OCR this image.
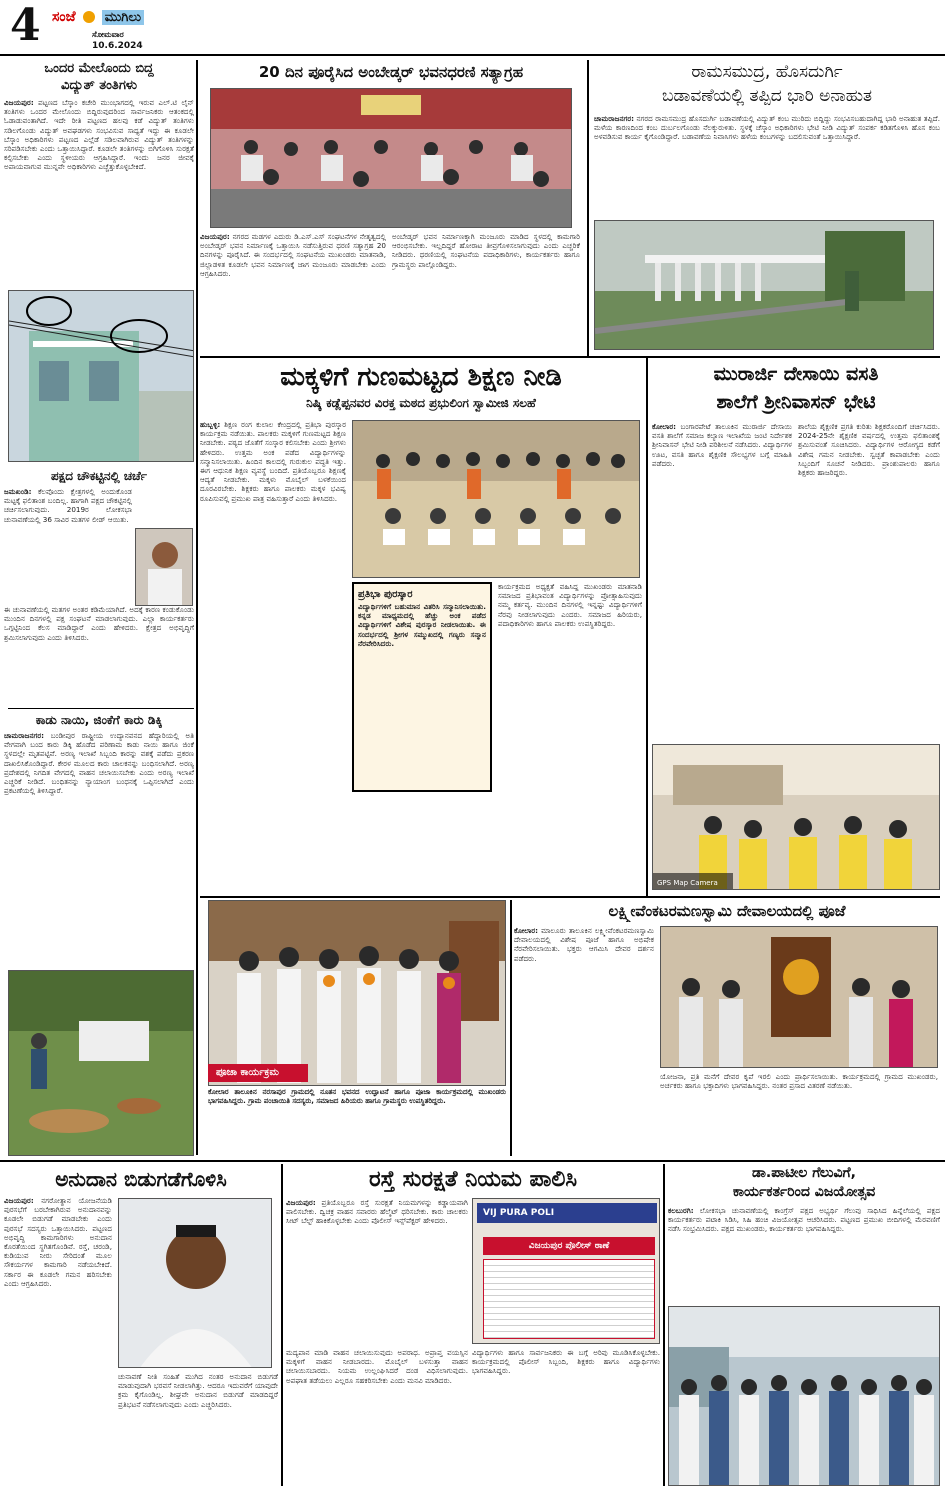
4 ಸಂಜೆ ಮುಗಿಲು
ಸೋಮವಾರ
10.6.2024
ಒಂದರ ಮೇಲೊಂದು ಬಿದ್ದ
ವಿದ್ಯುತ್ ತಂತಿಗಳು
ವಿಜಯಪುರ: ಪಟ್ಟಣದ ಬೆಸ್ಕಾಂ ಕಚೇರಿ ಮುಂಭಾಗದಲ್ಲಿ ಇರುವ ಎಲ್.ಟಿ ಲೈನ್ ತಂತಿಗಳು ಒಂದರ ಮೇಲೊಂದು ಬಿದ್ದಿರುವುದರಿಂದ ಸಾರ್ವಜನಿಕರು ಆತಂಕದಲ್ಲಿ ಓಡಾಡುವಂತಾಗಿದೆ. ಇದೇ ರೀತಿ ಪಟ್ಟಣದ ಹಲವು ಕಡೆ ವಿದ್ಯುತ್ ತಂತಿಗಳು ಸಡಿಲಗೊಂಡು ವಿದ್ಯುತ್ ಅವಘಡಗಳು ಸಂಭವಿಸುವ ಸಾಧ್ಯತೆ ಇದ್ದು ಈ ಕೂಡಲೇ ಬೆಸ್ಕಾಂ ಅಧಿಕಾರಿಗಳು ಪಟ್ಟಣದ ಎಲ್ಲೆಡೆ ಸಡಿಲವಾಗಿರುವ ವಿದ್ಯುತ್ ತಂತಿಗಳನ್ನು ಸರಿಪಡಿಸಬೇಕು ಎಂದು ಒತ್ತಾಯಿಸಿದ್ದಾರೆ. ಕೂಡಲೇ ತಂತಿಗಳನ್ನು ಬಿಗಿಗೊಳಿಸಿ ಸುರಕ್ಷತೆ ಕಲ್ಪಿಸಬೇಕು ಎಂದು ಸ್ಥಳೀಯರು ಆಗ್ರಹಿಸಿದ್ದಾರೆ. ಇಂದು ಜನರ ಜೀವಕ್ಕೆ ಅಪಾಯವಾಗುವ ಮುನ್ನವೇ ಅಧಿಕಾರಿಗಳು ಎಚ್ಚೆತ್ತುಕೊಳ್ಳಬೇಕಿದೆ.
ಪಕ್ಷದ ಚೌಕಟ್ಟಿನಲ್ಲಿ ಚರ್ಚೆ
ಜಮಖಂಡಿ: ಕೆಲವೊಂದು ಕ್ಷೇತ್ರಗಳಲ್ಲಿ ಅಂದುಕೊಂಡ ಮಟ್ಟಕ್ಕೆ ಫಲಿತಾಂಶ ಬಂದಿಲ್ಲ. ಹಾಗಾಗಿ ಪಕ್ಷದ ಚೌಕಟ್ಟಿನಲ್ಲಿ ಚರ್ಚಿಸಲಾಗುವುದು. 2019ರ ಲೋಕಸಭಾ ಚುನಾವಣೆಯಲ್ಲಿ 36 ಸಾವಿರ ಮತಗಳ ಲೀಡ್ ಆಯಿತು.
ಈ ಚುನಾವಣೆಯಲ್ಲಿ ಮತಗಳ ಅಂತರ ಕಡಿಮೆಯಾಗಿದೆ. ಅದಕ್ಕೆ ಕಾರಣ ಕಂಡುಕೊಂಡು ಮುಂದಿನ ದಿನಗಳಲ್ಲಿ ಪಕ್ಷ ಸಂಘಟನೆ ಮಾಡಲಾಗುವುದು. ಎಲ್ಲಾ ಕಾರ್ಯಕರ್ತರು ಒಗ್ಗಟ್ಟಿನಿಂದ ಕೆಲಸ ಮಾಡಿದ್ದಾರೆ ಎಂದು ಹೇಳಿದರು. ಕ್ಷೇತ್ರದ ಅಭಿವೃದ್ಧಿಗೆ ಶ್ರಮಿಸಲಾಗುವುದು ಎಂದು ತಿಳಿಸಿದರು.
ಕಾಡು ನಾಯಿ, ಜಿಂಕೆಗೆ ಕಾರು ಡಿಕ್ಕಿ
ಚಾಮರಾಜನಗರ: ಬಂಡೀಪುರ ರಾಷ್ಟ್ರೀಯ ಉದ್ಯಾನವನದ ಹೆದ್ದಾರಿಯಲ್ಲಿ ಅತಿ ವೇಗವಾಗಿ ಬಂದ ಕಾರು ಡಿಕ್ಕಿ ಹೊಡೆದ ಪರಿಣಾಮ ಕಾಡು ನಾಯಿ ಹಾಗೂ ಜಿಂಕೆ ಸ್ಥಳದಲ್ಲೇ ಮೃತಪಟ್ಟಿವೆ. ಅರಣ್ಯ ಇಲಾಖೆ ಸಿಬ್ಬಂದಿ ಕಾರನ್ನು ವಶಕ್ಕೆ ಪಡೆದು ಪ್ರಕರಣ ದಾಖಲಿಸಿಕೊಂಡಿದ್ದಾರೆ. ಕೇರಳ ಮೂಲದ ಕಾರು ಚಾಲಕನನ್ನು ಬಂಧಿಸಲಾಗಿದೆ. ಅರಣ್ಯ ಪ್ರದೇಶದಲ್ಲಿ ನಿಗದಿತ ವೇಗದಲ್ಲಿ ವಾಹನ ಚಲಾಯಿಸಬೇಕು ಎಂದು ಅರಣ್ಯ ಇಲಾಖೆ ಎಚ್ಚರಿಕೆ ನೀಡಿದೆ. ಬಂಧಿತನನ್ನು ನ್ಯಾಯಾಂಗ ಬಂಧನಕ್ಕೆ ಒಪ್ಪಿಸಲಾಗಿದೆ ಎಂದು ಪ್ರಕಟಣೆಯಲ್ಲಿ ತಿಳಿಸಿದ್ದಾರೆ.
20 ದಿನ ಪೂರೈಸಿದ ಅಂಬೇಡ್ಕರ್ ಭವನಧರಣಿ ಸತ್ಯಾಗ್ರಹ
ವಿಜಯಪುರ: ನಗರದ ಮಡಗಳ ಎದುರು ಡಿ.ಎಸ್.ಎಸ್ ಸಂಘಟನೆಗಳ ನೇತೃತ್ವದಲ್ಲಿ ಅಂಬೇಡ್ಕರ್ ಭವನ ನಿರ್ಮಾಣಕ್ಕೆ ಒತ್ತಾಯಿಸಿ ನಡೆಸುತ್ತಿರುವ ಧರಣಿ ಸತ್ಯಾಗ್ರಹ 20 ದಿನಗಳನ್ನು ಪೂರೈಸಿದೆ. ಈ ಸಂದರ್ಭದಲ್ಲಿ ಸಂಘಟನೆಯ ಮುಖಂಡರು ಮಾತನಾಡಿ, ಜಿಲ್ಲಾಡಳಿತ ಕೂಡಲೇ ಭವನ ನಿರ್ಮಾಣಕ್ಕೆ ಜಾಗ ಮಂಜೂರು ಮಾಡಬೇಕು ಎಂದು ಆಗ್ರಹಿಸಿದರು.
ಅಂಬೇಡ್ಕರ್ ಭವನ ನಿರ್ಮಾಣಕ್ಕಾಗಿ ಮಂಜೂರು ಮಾಡಿದ ಸ್ಥಳದಲ್ಲಿ ಕಾಮಗಾರಿ ಆರಂಭಿಸಬೇಕು. ಇಲ್ಲದಿದ್ದರೆ ಹೋರಾಟ ತೀವ್ರಗೊಳಿಸಲಾಗುವುದು ಎಂದು ಎಚ್ಚರಿಕೆ ನೀಡಿದರು. ಧರಣಿಯಲ್ಲಿ ಸಂಘಟನೆಯ ಪದಾಧಿಕಾರಿಗಳು, ಕಾರ್ಯಕರ್ತರು ಹಾಗೂ ಗ್ರಾಮಸ್ಥರು ಪಾಲ್ಗೊಂಡಿದ್ದರು.
ರಾಮಸಮುದ್ರ, ಹೊಸದುರ್ಗಿ
ಬಡಾವಣೆಯಲ್ಲಿ ತಪ್ಪಿದ ಭಾರಿ ಅನಾಹುತ
ಚಾಮರಾಜನಗರ: ನಗರದ ರಾಮಸಮುದ್ರ ಹೊಸದುರ್ಗಿ ಬಡಾವಣೆಯಲ್ಲಿ ವಿದ್ಯುತ್ ಕಂಬ ಮುರಿದು ಬಿದ್ದಿದ್ದು ಸಂಭವಿಸಬಹುದಾಗಿದ್ದ ಭಾರಿ ಅನಾಹುತ ತಪ್ಪಿದೆ. ಮಳೆಯ ಕಾರಣದಿಂದ ಕಂಬ ದುರ್ಬಲಗೊಂಡು ನೆಲಕ್ಕುರುಳಿತು. ಸ್ಥಳಕ್ಕೆ ಚೆಸ್ಕಾಂ ಅಧಿಕಾರಿಗಳು ಭೇಟಿ ನೀಡಿ ವಿದ್ಯುತ್ ಸಂಪರ್ಕ ಕಡಿತಗೊಳಿಸಿ ಹೊಸ ಕಂಬ ಅಳವಡಿಸುವ ಕಾರ್ಯ ಕೈಗೊಂಡಿದ್ದಾರೆ. ಬಡಾವಣೆಯ ನಿವಾಸಿಗಳು ಹಳೆಯ ಕಂಬಗಳನ್ನು ಬದಲಿಸುವಂತೆ ಒತ್ತಾಯಿಸಿದ್ದಾರೆ.
ಮಕ್ಕಳಿಗೆ ಗುಣಮಟ್ಟದ ಶಿಕ್ಷಣ ನೀಡಿ
ನಿಷ್ಕಿ ಕಡ್ಲೆಪ್ಪನವರ ವಿರಕ್ತ ಮಠದ ಪ್ರಭುಲಿಂಗ ಸ್ವಾಮೀಜಿ ಸಲಹೆ
ಹುಬ್ಬಳ್ಳಿ: ಶಿಕ್ಷಣ ರಂಗ ಕುಲಾಲ ಕೇಂದ್ರದಲ್ಲಿ ಪ್ರತಿಭಾ ಪುರಸ್ಕಾರ ಕಾರ್ಯಕ್ರಮ ನಡೆಯಿತು. ಪಾಲಕರು ಮಕ್ಕಳಿಗೆ ಗುಣಮಟ್ಟದ ಶಿಕ್ಷಣ ನೀಡಬೇಕು. ಪಠ್ಯದ ಜೊತೆಗೆ ಸಂಸ್ಕಾರ ಕಲಿಸಬೇಕು ಎಂದು ಶ್ರೀಗಳು ಹೇಳಿದರು. ಉತ್ತಮ ಅಂಕ ಪಡೆದ ವಿದ್ಯಾರ್ಥಿಗಳನ್ನು ಸನ್ಮಾನಿಸಲಾಯಿತು. ಹಿಂದಿನ ಕಾಲದಲ್ಲಿ ಗುರುಕುಲ ಪದ್ಧತಿ ಇತ್ತು. ಈಗ ಆಧುನಿಕ ಶಿಕ್ಷಣ ವ್ಯವಸ್ಥೆ ಬಂದಿದೆ. ಪ್ರತಿಯೊಬ್ಬರೂ ಶಿಕ್ಷಣಕ್ಕೆ ಆದ್ಯತೆ ನೀಡಬೇಕು. ಮಕ್ಕಳು ಮೊಬೈಲ್ ಬಳಕೆಯಿಂದ ದೂರವಿರಬೇಕು. ಶಿಕ್ಷಕರು ಹಾಗೂ ಪಾಲಕರು ಮಕ್ಕಳ ಭವಿಷ್ಯ ರೂಪಿಸುವಲ್ಲಿ ಪ್ರಮುಖ ಪಾತ್ರ ವಹಿಸುತ್ತಾರೆ ಎಂದು ತಿಳಿಸಿದರು.
ಪ್ರತಿಭಾ ಪುರಸ್ಕಾರ
ವಿದ್ಯಾರ್ಥಿಗಳಿಗೆ ಬಹುಮಾನ ವಿತರಿಸಿ ಸನ್ಮಾನಿಸಲಾಯಿತು. ಕನ್ನಡ ಮಾಧ್ಯಮದಲ್ಲಿ ಹೆಚ್ಚು ಅಂಕ ಪಡೆದ ವಿದ್ಯಾರ್ಥಿಗಳಿಗೆ ವಿಶೇಷ ಪುರಸ್ಕಾರ ನೀಡಲಾಯಿತು. ಈ ಸಂದರ್ಭದಲ್ಲಿ ಶ್ರೀಗಳ ಸಮ್ಮುಖದಲ್ಲಿ ಗಣ್ಯರು ಸನ್ಮಾನ ನೆರವೇರಿಸಿದರು.
ಕಾರ್ಯಕ್ರಮದ ಅಧ್ಯಕ್ಷತೆ ವಹಿಸಿದ್ದ ಮುಖಂಡರು ಮಾತನಾಡಿ ಸಮಾಜದ ಪ್ರತಿಭಾವಂತ ವಿದ್ಯಾರ್ಥಿಗಳನ್ನು ಪ್ರೋತ್ಸಾಹಿಸುವುದು ನಮ್ಮ ಕರ್ತವ್ಯ. ಮುಂದಿನ ದಿನಗಳಲ್ಲಿ ಇನ್ನಷ್ಟು ವಿದ್ಯಾರ್ಥಿಗಳಿಗೆ ನೆರವು ನೀಡಲಾಗುವುದು ಎಂದರು. ಸಮಾಜದ ಹಿರಿಯರು, ಪದಾಧಿಕಾರಿಗಳು ಹಾಗೂ ಪಾಲಕರು ಉಪಸ್ಥಿತರಿದ್ದರು.
ಮುರಾರ್ಜಿ ದೇಸಾಯಿ ವಸತಿ
ಶಾಲೆಗೆ ಶ್ರೀನಿವಾಸನ್ ಭೇಟಿ
ಕೋಲಾರ: ಬಂಗಾರಪೇಟೆ ತಾಲೂಕಿನ ಮುರಾರ್ಜಿ ದೇಸಾಯಿ ವಸತಿ ಶಾಲೆಗೆ ಸಮಾಜ ಕಲ್ಯಾಣ ಇಲಾಖೆಯ ಜಂಟಿ ನಿರ್ದೇಶಕ ಶ್ರೀನಿವಾಸನ್ ಭೇಟಿ ನೀಡಿ ಪರಿಶೀಲನೆ ನಡೆಸಿದರು. ವಿದ್ಯಾರ್ಥಿಗಳ ಊಟ, ವಸತಿ ಹಾಗೂ ಶೈಕ್ಷಣಿಕ ಸೌಲಭ್ಯಗಳ ಬಗ್ಗೆ ಮಾಹಿತಿ ಪಡೆದರು.
ಶಾಲೆಯ ಶೈಕ್ಷಣಿಕ ಪ್ರಗತಿ ಕುರಿತು ಶಿಕ್ಷಕರೊಂದಿಗೆ ಚರ್ಚಿಸಿದರು. 2024-25ನೇ ಶೈಕ್ಷಣಿಕ ವರ್ಷದಲ್ಲಿ ಉತ್ತಮ ಫಲಿತಾಂಶಕ್ಕೆ ಶ್ರಮಿಸುವಂತೆ ಸೂಚಿಸಿದರು. ವಿದ್ಯಾರ್ಥಿಗಳ ಆರೋಗ್ಯದ ಕಡೆಗೆ ವಿಶೇಷ ಗಮನ ನೀಡಬೇಕು. ಸ್ವಚ್ಛತೆ ಕಾಪಾಡಬೇಕು ಎಂದು ಸಿಬ್ಬಂದಿಗೆ ಸೂಚನೆ ನೀಡಿದರು. ಪ್ರಾಂಶುಪಾಲರು ಹಾಗೂ ಶಿಕ್ಷಕರು ಹಾಜರಿದ್ದರು.
GPS Map Camera
ಪೂಜಾ ಕಾರ್ಯಕ್ರಮ
ಕೋಲಾರ ತಾಲೂಕಿನ ನರಸಾಪುರ ಗ್ರಾಮದಲ್ಲಿ ನೂತನ ಭವನದ ಉದ್ಘಾಟನೆ ಹಾಗೂ ಪೂಜಾ ಕಾರ್ಯಕ್ರಮದಲ್ಲಿ ಮುಖಂಡರು ಭಾಗವಹಿಸಿದ್ದರು. ಗ್ರಾಮ ಪಂಚಾಯಿತಿ ಸದಸ್ಯರು, ಸಮಾಜದ ಹಿರಿಯರು ಹಾಗೂ ಗ್ರಾಮಸ್ಥರು ಉಪಸ್ಥಿತರಿದ್ದರು.
ಲಕ್ಷ್ಮೀವೆಂಕಟರಮಣಸ್ವಾಮಿ ದೇವಾಲಯದಲ್ಲಿ ಪೂಜೆ
ಕೋಲಾರ: ಮಾಲೂರು ತಾಲೂಕಿನ ಲಕ್ಷ್ಮೀವೆಂಕಟರಮಣಸ್ವಾಮಿ ದೇವಾಲಯದಲ್ಲಿ ವಿಶೇಷ ಪೂಜೆ ಹಾಗೂ ಅಭಿಷೇಕ ನೆರವೇರಿಸಲಾಯಿತು. ಭಕ್ತರು ಆಗಮಿಸಿ ದೇವರ ದರ್ಶನ ಪಡೆದರು.
ಯೋಜನಾ, ಪ್ರತಿ ಮನೆಗೆ ದೇವರ ಕೃಪೆ ಇರಲಿ ಎಂದು ಪ್ರಾರ್ಥಿಸಲಾಯಿತು. ಕಾರ್ಯಕ್ರಮದಲ್ಲಿ ಗ್ರಾಮದ ಮುಖಂಡರು, ಅರ್ಚಕರು ಹಾಗೂ ಭಕ್ತಾದಿಗಳು ಭಾಗವಹಿಸಿದ್ದರು. ನಂತರ ಪ್ರಸಾದ ವಿತರಣೆ ನಡೆಯಿತು.
ಅನುದಾನ ಬಿಡುಗಡೆಗೊಳಿಸಿ
ವಿಜಯಪುರ: ನಗರೋತ್ಥಾನ ಯೋಜನೆಯಡಿ ಪುರಸಭೆಗೆ ಬರಬೇಕಾಗಿರುವ ಅನುದಾನವನ್ನು ಕೂಡಲೇ ಬಿಡುಗಡೆ ಮಾಡಬೇಕು ಎಂದು ಪುರಸಭೆ ಸದಸ್ಯರು ಒತ್ತಾಯಿಸಿದರು. ಪಟ್ಟಣದ ಅಭಿವೃದ್ಧಿ ಕಾಮಗಾರಿಗಳು ಅನುದಾನ ಕೊರತೆಯಿಂದ ಸ್ಥಗಿತಗೊಂಡಿವೆ. ರಸ್ತೆ, ಚರಂಡಿ, ಕುಡಿಯುವ ನೀರು ಸೇರಿದಂತೆ ಮೂಲ ಸೌಕರ್ಯಗಳ ಕಾಮಗಾರಿ ನಡೆಯಬೇಕಿದೆ. ಸರ್ಕಾರ ಈ ಕೂಡಲೇ ಗಮನ ಹರಿಸಬೇಕು ಎಂದು ಆಗ್ರಹಿಸಿದರು.
ಚುನಾವಣೆ ನೀತಿ ಸಂಹಿತೆ ಮುಗಿದ ನಂತರ ಅನುದಾನ ಬಿಡುಗಡೆ ಮಾಡುವುದಾಗಿ ಭರವಸೆ ನೀಡಲಾಗಿತ್ತು. ಆದರೂ ಇದುವರೆಗೆ ಯಾವುದೇ ಕ್ರಮ ಕೈಗೊಂಡಿಲ್ಲ. ಶೀಘ್ರವೇ ಅನುದಾನ ಬಿಡುಗಡೆ ಮಾಡದಿದ್ದರೆ ಪ್ರತಿಭಟನೆ ನಡೆಸಲಾಗುವುದು ಎಂದು ಎಚ್ಚರಿಸಿದರು.
ರಸ್ತೆ ಸುರಕ್ಷತೆ ನಿಯಮ ಪಾಲಿಸಿ
ವಿಜಯಪುರ: ಪ್ರತಿಯೊಬ್ಬರೂ ರಸ್ತೆ ಸುರಕ್ಷತೆ ನಿಯಮಗಳನ್ನು ಕಡ್ಡಾಯವಾಗಿ ಪಾಲಿಸಬೇಕು. ದ್ವಿಚಕ್ರ ವಾಹನ ಸವಾರರು ಹೆಲ್ಮೆಟ್ ಧರಿಸಬೇಕು. ಕಾರು ಚಾಲಕರು ಸೀಟ್ ಬೆಲ್ಟ್ ಹಾಕಿಕೊಳ್ಳಬೇಕು ಎಂದು ಪೊಲೀಸ್ ಇನ್ಸ್‌ಪೆಕ್ಟರ್ ಹೇಳಿದರು.
VIJ PURA POLI
ವಿಜಯಪುರ ಪೊಲೀಸ್ ಠಾಣೆ
ಮದ್ಯಪಾನ ಮಾಡಿ ವಾಹನ ಚಲಾಯಿಸುವುದು ಅಪರಾಧ. ಅಪ್ರಾಪ್ತ ವಯಸ್ಸಿನ ಮಕ್ಕಳಿಗೆ ವಾಹನ ನೀಡಬಾರದು. ಮೊಬೈಲ್ ಬಳಸುತ್ತಾ ವಾಹನ ಚಲಾಯಿಸಬಾರದು. ನಿಯಮ ಉಲ್ಲಂಘಿಸಿದರೆ ದಂಡ ವಿಧಿಸಲಾಗುವುದು. ಅಪಘಾತ ತಡೆಯಲು ಎಲ್ಲರೂ ಸಹಕರಿಸಬೇಕು ಎಂದು ಮನವಿ ಮಾಡಿದರು.
ವಿದ್ಯಾರ್ಥಿಗಳು ಹಾಗೂ ಸಾರ್ವಜನಿಕರು ಈ ಬಗ್ಗೆ ಅರಿವು ಮೂಡಿಸಿಕೊಳ್ಳಬೇಕು. ಕಾರ್ಯಕ್ರಮದಲ್ಲಿ ಪೊಲೀಸ್ ಸಿಬ್ಬಂದಿ, ಶಿಕ್ಷಕರು ಹಾಗೂ ವಿದ್ಯಾರ್ಥಿಗಳು ಭಾಗವಹಿಸಿದ್ದರು.
ಡಾ.ಪಾಟೀಲ ಗೆಲುವಿಗೆ,
ಕಾರ್ಯಕರ್ತರಿಂದ ವಿಜಯೋತ್ಸವ
ಕಲಬುರಗಿ: ಲೋಕಸಭಾ ಚುನಾವಣೆಯಲ್ಲಿ ಕಾಂಗ್ರೆಸ್ ಪಕ್ಷದ ಅಭ್ಯರ್ಥಿ ಗೆಲುವು ಸಾಧಿಸಿದ ಹಿನ್ನೆಲೆಯಲ್ಲಿ ಪಕ್ಷದ ಕಾರ್ಯಕರ್ತರು ಪಟಾಕಿ ಸಿಡಿಸಿ, ಸಿಹಿ ಹಂಚಿ ವಿಜಯೋತ್ಸವ ಆಚರಿಸಿದರು. ಪಟ್ಟಣದ ಪ್ರಮುಖ ಬೀದಿಗಳಲ್ಲಿ ಮೆರವಣಿಗೆ ನಡೆಸಿ ಸಂಭ್ರಮಿಸಿದರು. ಪಕ್ಷದ ಮುಖಂಡರು, ಕಾರ್ಯಕರ್ತರು ಭಾಗವಹಿಸಿದ್ದರು.
